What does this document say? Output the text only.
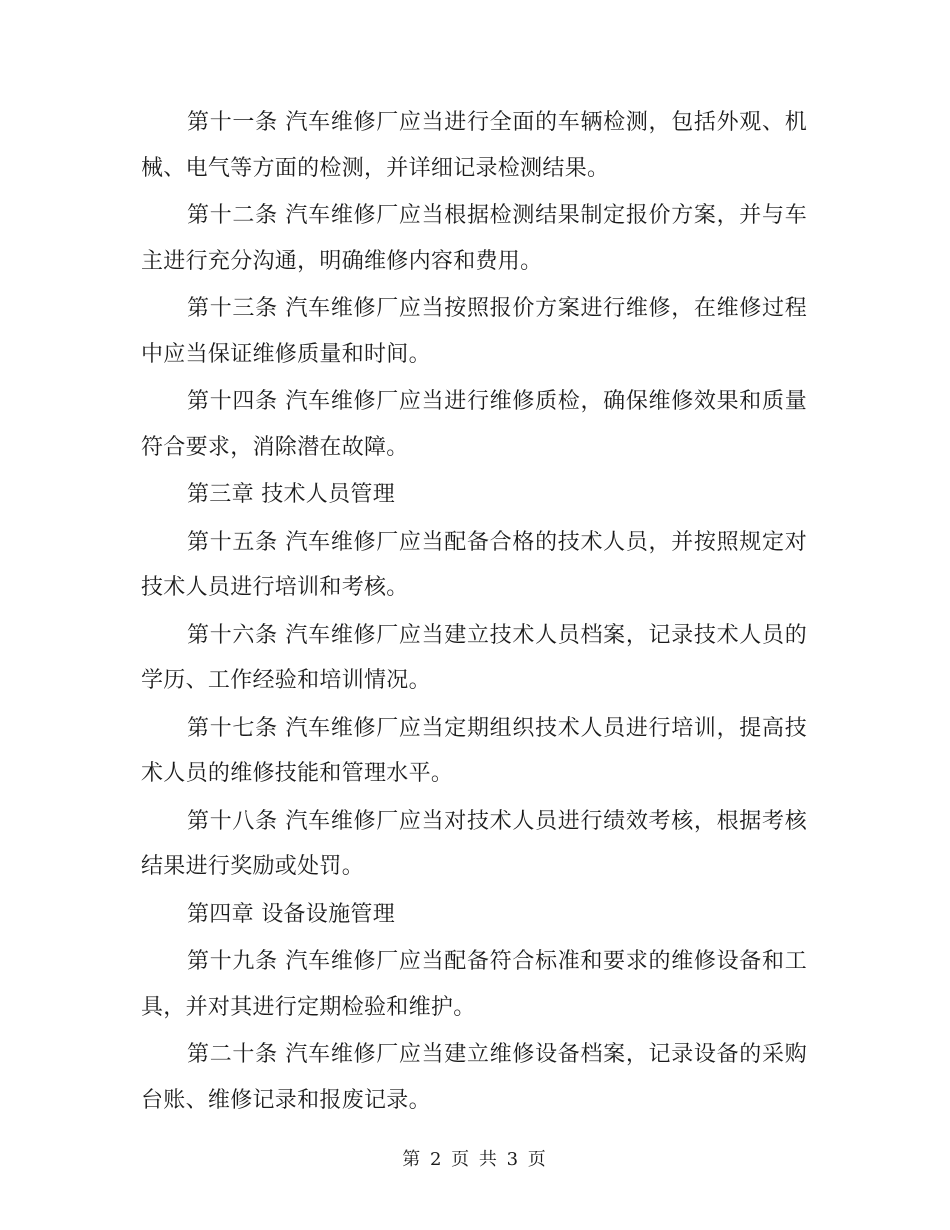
第十一条 汽车维修厂应当进行全面的车辆检测，包括外观、机械、电气等方面的检测，并详细记录检测结果。

第十二条 汽车维修厂应当根据检测结果制定报价方案，并与车主进行充分沟通，明确维修内容和费用。

第十三条 汽车维修厂应当按照报价方案进行维修，在维修过程中应当保证维修质量和时间。

第十四条 汽车维修厂应当进行维修质检，确保维修效果和质量符合要求，消除潜在故障。

第三章 技术人员管理

第十五条 汽车维修厂应当配备合格的技术人员，并按照规定对技术人员进行培训和考核。

第十六条 汽车维修厂应当建立技术人员档案，记录技术人员的学历、工作经验和培训情况。

第十七条 汽车维修厂应当定期组织技术人员进行培训，提高技术人员的维修技能和管理水平。

第十八条 汽车维修厂应当对技术人员进行绩效考核，根据考核结果进行奖励或处罚。

第四章 设备设施管理

第十九条 汽车维修厂应当配备符合标准和要求的维修设备和工具，并对其进行定期检验和维护。

第二十条 汽车维修厂应当建立维修设备档案，记录设备的采购台账、维修记录和报废记录。

第 2 页 共 3 页
